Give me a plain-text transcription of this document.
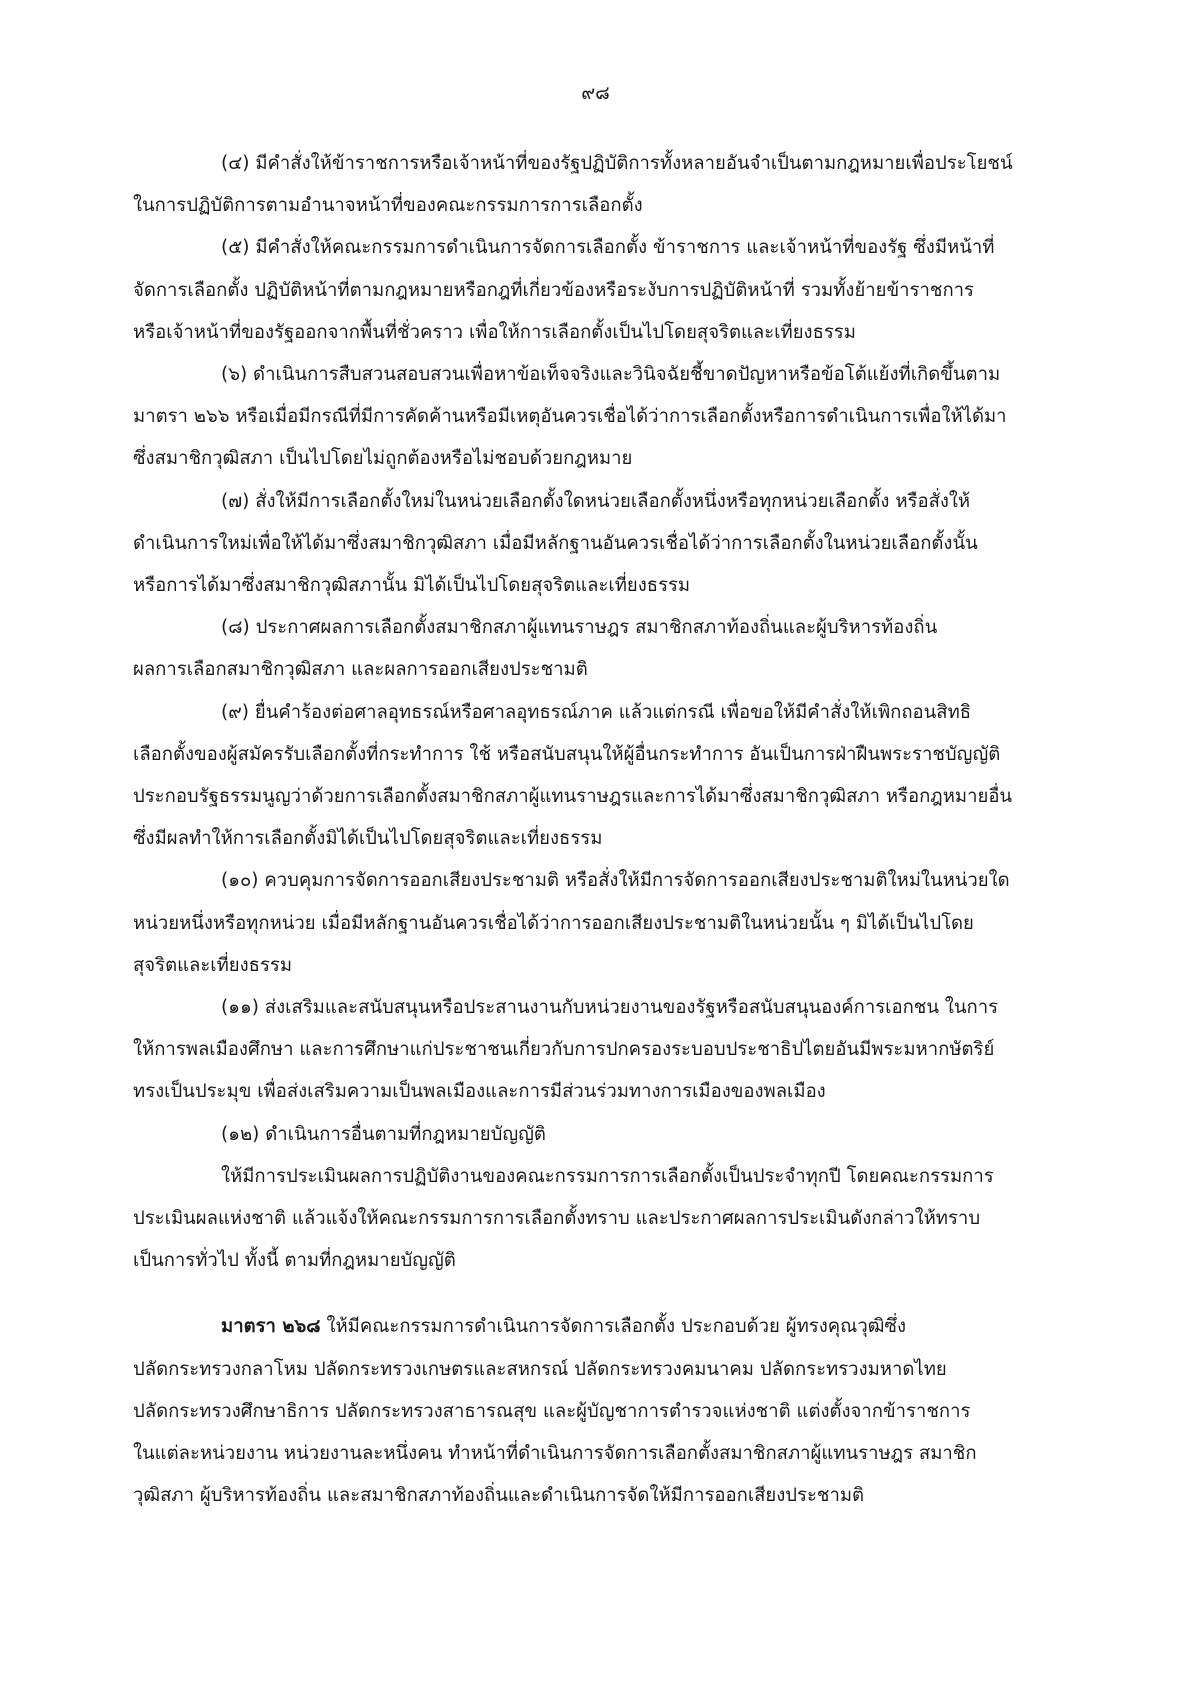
๙๘
(๔) มีคำสั่งให้ข้าราชการหรือเจ้าหน้าที่ของรัฐปฏิบัติการทั้งหลายอันจำเป็นตามกฎหมายเพื่อประโยชน์
ในการปฏิบัติการตามอำนาจหน้าที่ของคณะกรรมการการเลือกตั้ง
(๕) มีคำสั่งให้คณะกรรมการดำเนินการจัดการเลือกตั้ง ข้าราชการ และเจ้าหน้าที่ของรัฐ ซึ่งมีหน้าที่
จัดการเลือกตั้ง ปฏิบัติหน้าที่ตามกฎหมายหรือกฎที่เกี่ยวข้องหรือระงับการปฏิบัติหน้าที่ รวมทั้งย้ายข้าราชการ
หรือเจ้าหน้าที่ของรัฐออกจากพื้นที่ชั่วคราว เพื่อให้การเลือกตั้งเป็นไปโดยสุจริตและเที่ยงธรรม
(๖) ดำเนินการสืบสวนสอบสวนเพื่อหาข้อเท็จจริงและวินิจฉัยชี้ขาดปัญหาหรือข้อโต้แย้งที่เกิดขึ้นตาม
มาตรา ๒๖๖ หรือเมื่อมีกรณีที่มีการคัดค้านหรือมีเหตุอันควรเชื่อได้ว่าการเลือกตั้งหรือการดำเนินการเพื่อให้ได้มา
ซึ่งสมาชิกวุฒิสภา เป็นไปโดยไม่ถูกต้องหรือไม่ชอบด้วยกฎหมาย
(๗) สั่งให้มีการเลือกตั้งใหม่ในหน่วยเลือกตั้งใดหน่วยเลือกตั้งหนึ่งหรือทุกหน่วยเลือกตั้ง หรือสั่งให้
ดำเนินการใหม่เพื่อให้ได้มาซึ่งสมาชิกวุฒิสภา เมื่อมีหลักฐานอันควรเชื่อได้ว่าการเลือกตั้งในหน่วยเลือกตั้งนั้น
หรือการได้มาซึ่งสมาชิกวุฒิสภานั้น มิได้เป็นไปโดยสุจริตและเที่ยงธรรม
(๘) ประกาศผลการเลือกตั้งสมาชิกสภาผู้แทนราษฎร สมาชิกสภาท้องถิ่นและผู้บริหารท้องถิ่น
ผลการเลือกสมาชิกวุฒิสภา และผลการออกเสียงประชามติ
(๙) ยื่นคำร้องต่อศาลอุทธรณ์หรือศาลอุทธรณ์ภาค แล้วแต่กรณี เพื่อขอให้มีคำสั่งให้เพิกถอนสิทธิ
เลือกตั้งของผู้สมัครรับเลือกตั้งที่กระทำการ ใช้ หรือสนับสนุนให้ผู้อื่นกระทำการ อันเป็นการฝ่าฝืนพระราชบัญญัติ
ประกอบรัฐธรรมนูญว่าด้วยการเลือกตั้งสมาชิกสภาผู้แทนราษฎรและการได้มาซึ่งสมาชิกวุฒิสภา หรือกฎหมายอื่น
ซึ่งมีผลทำให้การเลือกตั้งมิได้เป็นไปโดยสุจริตและเที่ยงธรรม
(๑๐) ควบคุมการจัดการออกเสียงประชามติ หรือสั่งให้มีการจัดการออกเสียงประชามติใหม่ในหน่วยใด
หน่วยหนึ่งหรือทุกหน่วย เมื่อมีหลักฐานอันควรเชื่อได้ว่าการออกเสียงประชามติในหน่วยนั้น ๆ มิได้เป็นไปโดย
สุจริตและเที่ยงธรรม
(๑๑) ส่งเสริมและสนับสนุนหรือประสานงานกับหน่วยงานของรัฐหรือสนับสนุนองค์การเอกชน ในการ
ให้การพลเมืองศึกษา และการศึกษาแก่ประชาชนเกี่ยวกับการปกครองระบอบประชาธิปไตยอันมีพระมหากษัตริย์
ทรงเป็นประมุข เพื่อส่งเสริมความเป็นพลเมืองและการมีส่วนร่วมทางการเมืองของพลเมือง
(๑๒) ดำเนินการอื่นตามที่กฎหมายบัญญัติ
ให้มีการประเมินผลการปฏิบัติงานของคณะกรรมการการเลือกตั้งเป็นประจำทุกปี โดยคณะกรรมการ
ประเมินผลแห่งชาติ แล้วแจ้งให้คณะกรรมการการเลือกตั้งทราบ และประกาศผลการประเมินดังกล่าวให้ทราบ
เป็นการทั่วไป ทั้งนี้ ตามที่กฎหมายบัญญัติ
มาตรา ๒๖๘ ให้มีคณะกรรมการดำเนินการจัดการเลือกตั้ง ประกอบด้วย ผู้ทรงคุณวุฒิซึ่ง
ปลัดกระทรวงกลาโหม ปลัดกระทรวงเกษตรและสหกรณ์ ปลัดกระทรวงคมนาคม ปลัดกระทรวงมหาดไทย
ปลัดกระทรวงศึกษาธิการ ปลัดกระทรวงสาธารณสุข และผู้บัญชาการตำรวจแห่งชาติ แต่งตั้งจากข้าราชการ
ในแต่ละหน่วยงาน หน่วยงานละหนึ่งคน ทำหน้าที่ดำเนินการจัดการเลือกตั้งสมาชิกสภาผู้แทนราษฎร สมาชิก
วุฒิสภา ผู้บริหารท้องถิ่น และสมาชิกสภาท้องถิ่นและดำเนินการจัดให้มีการออกเสียงประชามติ
